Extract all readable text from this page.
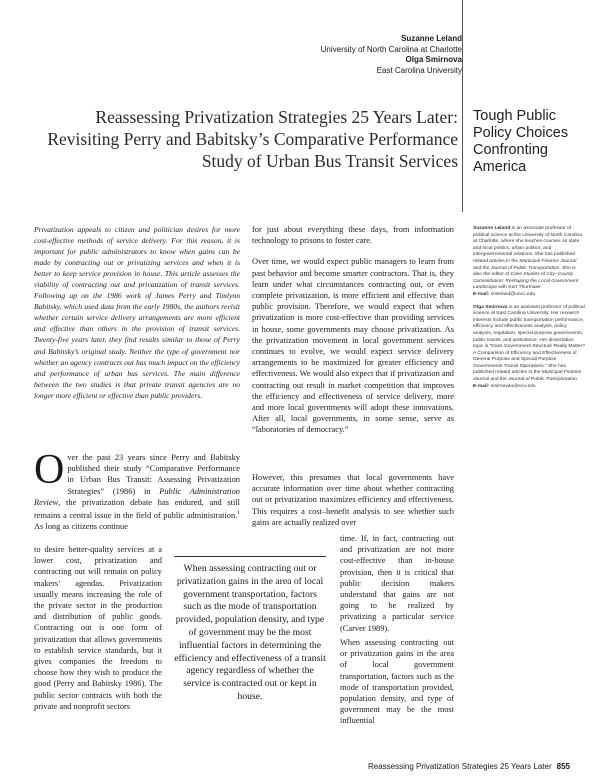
Suzanne Leland
University of North Carolina at Charlotte
Olga Smirnova
East Carolina University
Reassessing Privatization Strategies 25 Years Later: Revisiting Perry and Babitsky’s Comparative Performance Study of Urban Bus Transit Services
Tough Public Policy Choices Confronting America
Privatization appeals to citizen and politician desires for more cost-effective methods of service delivery. For this reason, it is important for public administrators to know when gains can be made by contracting out or privatizing services and when it is better to keep service provision in house. This article assesses the viability of contracting out and privatization of transit services. Following up on the 1986 work of James Perry and Timlynn Babitsky, which used data from the early 1980s, the authors revisit whether certain service delivery arrangements are more efficient and effective than others in the provision of transit services. Twenty-five years later, they find results similar to those of Perry and Babitsky’s original study. Neither the type of government nor whether an agency contracts out has much impact on the efficiency and performance of urban bus services. The main difference between the two studies is that private transit agencies are no longer more efficient or effective than public providers.
Over the past 23 years since Perry and Babitsky published their study “Comparative Performance in Urban Bus Transit: Assessing Privatization Strategies” (1986) in Public Administration Review, the privatization debate has endured, and still remains a central issue in the field of public administration.$^1$ As long as citizens continue
to desire better-quality services at a lower cost, privatization and contracting out will remain on policy makers’ agendas. Privatization usually means increasing the role of the private sector in the production and distribution of public goods. Contracting out is one form of privatization that allows governments to establish service standards, but it gives companies the freedom to choose how they wish to produce the good (Perry and Babitsky 1986). The public sector contracts with both the private and nonprofit sectors

for just about everything these days, from information technology to prisons to foster care.

Over time, we would expect public managers to learn from past behavior and become smarter contractors. That is, they learn under what circumstances contracting out, or even complete privatization, is more efficient and effective than public provision. Therefore, we would expect that when privatization is more cost-effective than providing services in house, some governments may choose privatization. As the privatization movement in local government services continues to evolve, we would expect service delivery arrangements to be maximized for greater efficiency and effectiveness. We would also expect that if privatization and contracting out result in market competition that improves the efficiency and effectiveness of service delivery, more and more local governments will adopt these innovations. After all, local governments, in some sense, serve as “laboratories of democracy.”

However, this presumes that local governments have accurate information over time about whether contracting out or privatization maximizes efficiency and effectiveness. This requires a cost–benefit analysis to see whether such gains are actually realized over
time. If, in fact, contracting out and privatization are not more cost-effective than in-house provision, then it is critical that public decision makers understand that gains are not going to be realized by privatizing a particular service (Carver 1989).
When assessing contracting out or privatization gains in the area of local government transportation, factors such as the mode of transportation provided, population density, and type of government may be the most influential
When assessing contracting out or privatization gains in the area of local government transportation, factors such as the mode of transportation provided, population density, and type of government may be the most influential factors in determining the efficiency and effectiveness of a transit agency regardless of whether the service is contracted out or kept in house.

Suzanne Leland is an associate professor of political science at the University of North Carolina at Charlotte, where she teaches courses on state and local politics, urban politics, and intergovernmental relations. She has published related articles in the Municipal Finance Journal and the Journal of Public Transportation. She is also the editor of Case Studies of City–County Consolidation: Reshaping the Local Government Landscape with Kurt Thurmaier.
E-mail: smleland@uncc.edu

Olga Smirnova is an assistant professor of political science at East Carolina University. Her research interests include public transportation performance, efficiency and effectiveness analysis, policy analysis, regulation, special-purpose governments, public transit, and ambulance. Her dissertation topic is “Does Government Structure Really Matter? A Comparison of Efficiency and Effectiveness of General Purpose and Special Purpose Governments Transit Operations.” She has published related articles in the Municipal Finance Journal and the Journal of Public Transportation.
E-mail: smirnovao@ecu.edu

Reassessing Privatization Strategies 25 Years Later 855
